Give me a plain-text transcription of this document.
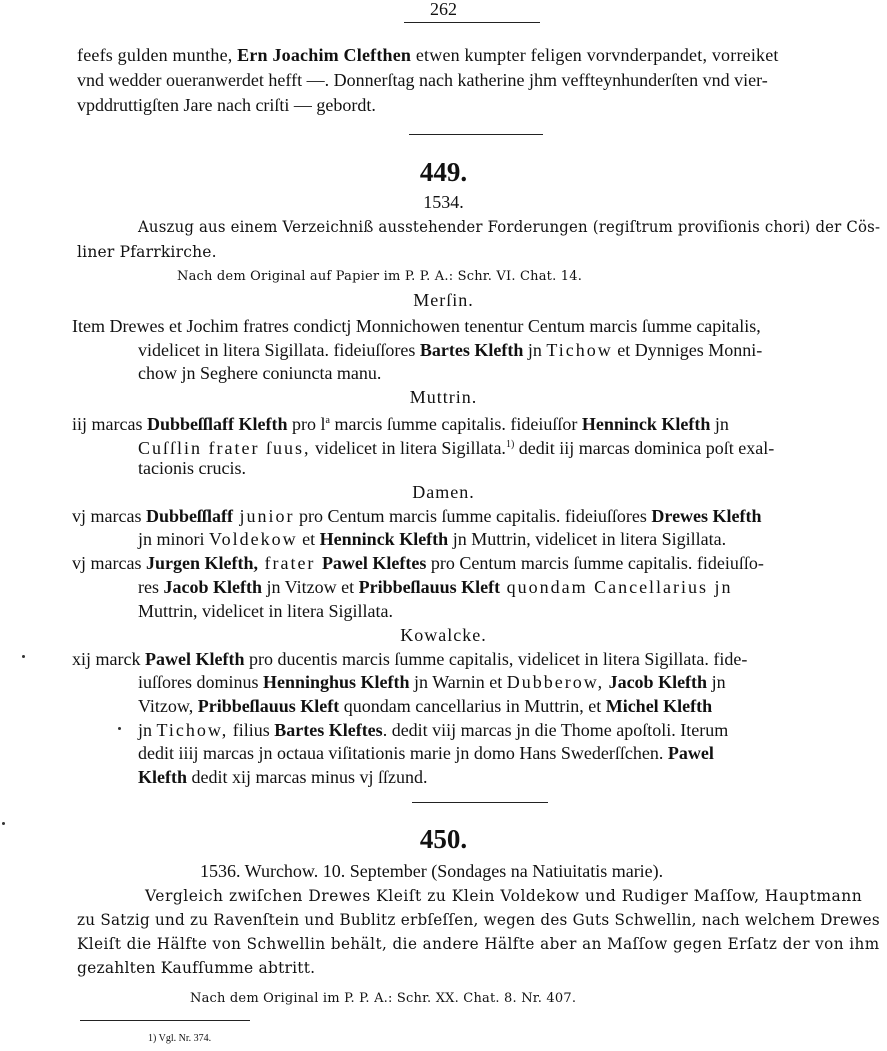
262
feefs gulden munthe, Ern Joachim Clefthen etwen kumpter feligen vorvnderpandet, vorreiket
vnd wedder oueranwerdet hefft —. Donnerſtag nach katherine jhm veffteynhunderſten vnd vier-
vpddruttigſten Jare nach criſti — gebordt.
449.
1534.
Auszug aus einem Verzeichniß ausstehender Forderungen (regiſtrum proviſionis chori) der Cös-
liner Pfarrkirche.
Nach dem Original auf Papier im P. P. A.: Schr. VI. Chat. 14.
Merſin.
Item Drewes et Jochim fratres condictj Monnichowen tenentur Centum marcis ſumme capitalis,
videlicet in litera Sigillata. fideiuſſores Bartes Klefth jn Tichow et Dynniges Monni-
chow jn Seghere coniuncta manu.
Muttrin.
iij marcas Dubbeſſlaff Klefth pro $l^a$ marcis ſumme capitalis. fideiuſſor Henninck Klefth jn
Cuſſlin frater ſuus, videlicet in litera Sigillata.$^{1)}$ dedit iij marcas dominica poſt exal-
tacionis crucis.
Damen.
vj marcas Dubbeſſlaff junior pro Centum marcis ſumme capitalis. fideiuſſores Drewes Klefth
jn minori Voldekow et Henninck Klefth jn Muttrin, videlicet in litera Sigillata.
vj marcas Jurgen Klefth, frater Pawel Kleftes pro Centum marcis ſumme capitalis. fideiuſſo-
res Jacob Klefth jn Vitzow et Pribbeſlauus Kleft quondam Cancellarius jn
Muttrin, videlicet in litera Sigillata.
Kowalcke.
xij marck Pawel Klefth pro ducentis marcis ſumme capitalis, videlicet in litera Sigillata. fide-
iuſſores dominus Henninghus Klefth jn Warnin et Dubberow, Jacob Klefth jn
Vitzow, Pribbeſlauus Kleft quondam cancellarius in Muttrin, et Michel Klefth
jn Tichow, filius Bartes Kleftes. dedit viij marcas jn die Thome apoſtoli. Iterum
dedit iiij marcas jn octaua viſitationis marie jn domo Hans Swederſſchen. Pawel
Klefth dedit xij marcas minus vj ſſzund.
450.
1536. Wurchow. 10. September (Sondages na Natiuitatis marie).
Vergleich zwiſchen Drewes Kleiſt zu Klein Voldekow und Rudiger Maſſow, Hauptmann
zu Satzig und zu Ravenſtein und Bublitz erbſeſſen, wegen des Guts Schwellin, nach welchem Drewes
Kleiſt die Hälfte von Schwellin behält, die andere Hälfte aber an Maſſow gegen Erſatz der von ihm
gezahlten Kaufſumme abtritt.
Nach dem Original im P. P. A.: Schr. XX. Chat. 8. Nr. 407.
1) Vgl. Nr. 374.
